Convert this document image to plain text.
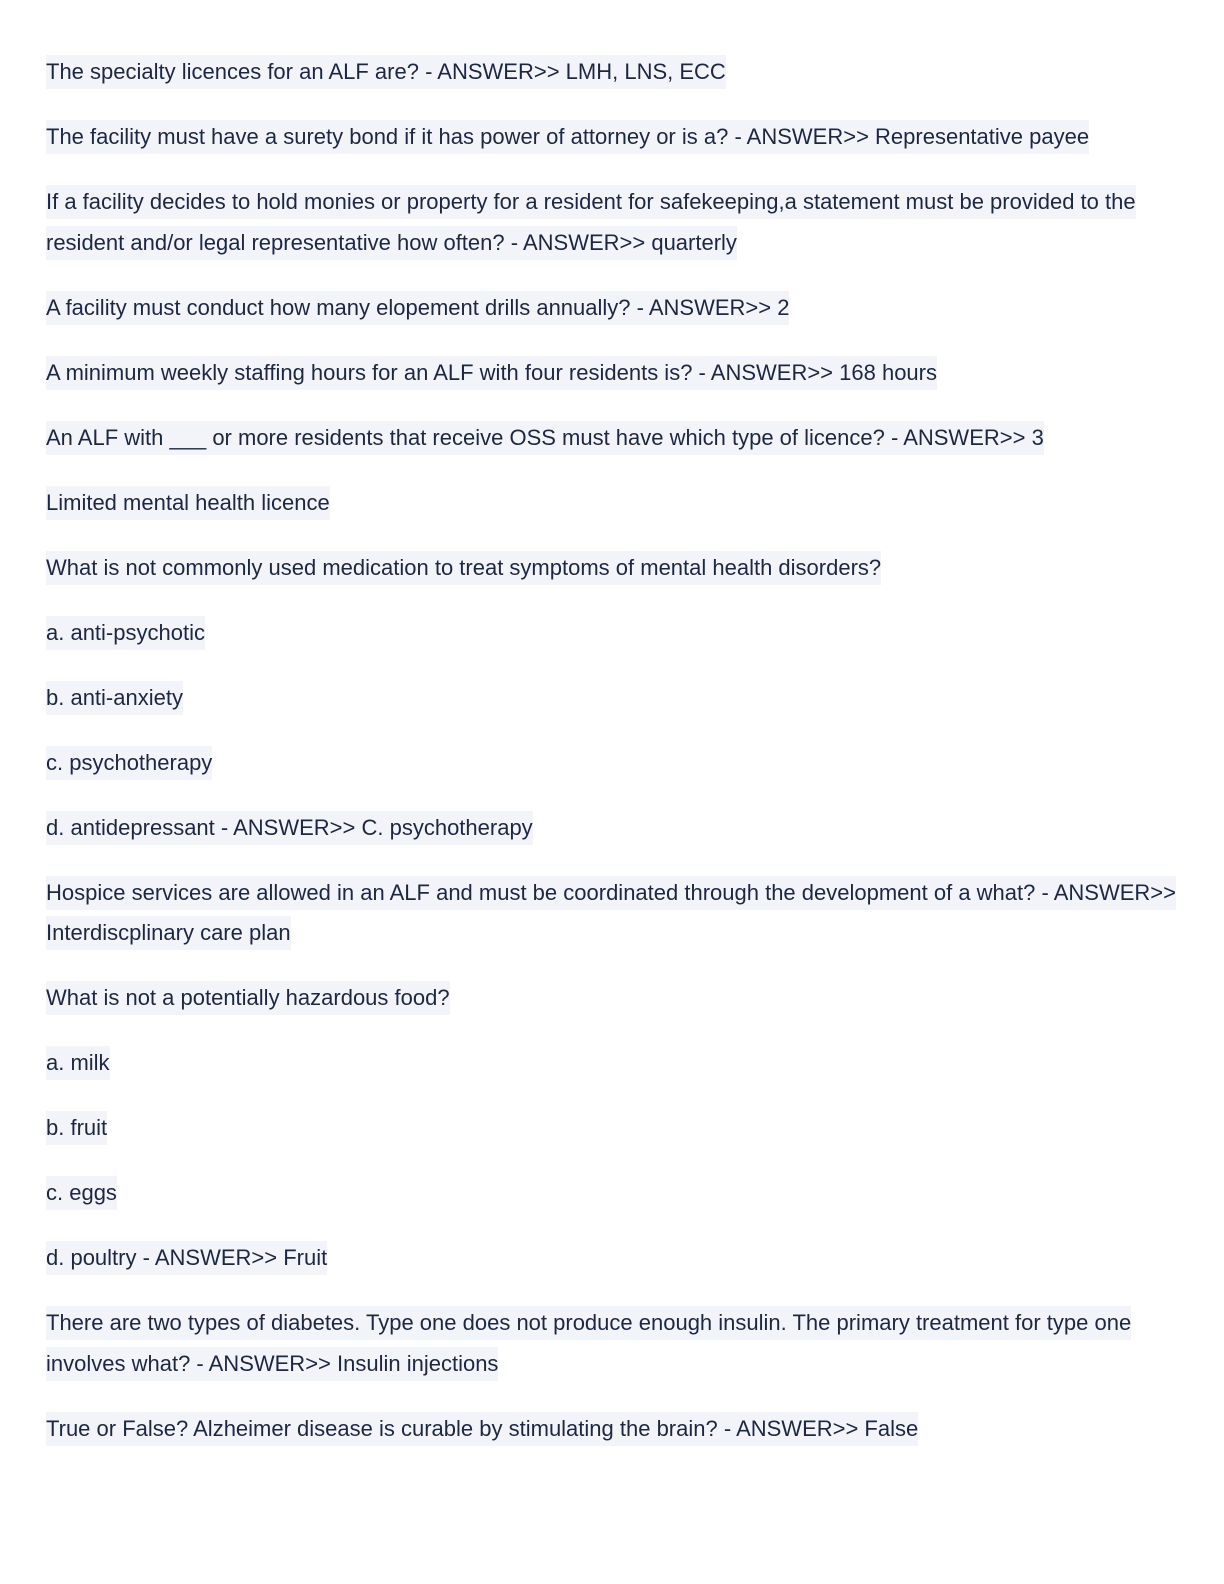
The specialty licences for an ALF are? - ANSWER>> LMH, LNS, ECC

The facility must have a surety bond if it has power of attorney or is a? - ANSWER>> Representative payee

If a facility decides to hold monies or property for a resident for safekeeping,a statement must be provided to the resident and/or legal representative how often? - ANSWER>> quarterly

A facility must conduct how many elopement drills annually? - ANSWER>> 2

A minimum weekly staffing hours for an ALF with four residents is? - ANSWER>> 168 hours

An ALF with ___ or more residents that receive OSS must have which type of licence? - ANSWER>> 3

Limited mental health licence

What is not commonly used medication to treat symptoms of mental health disorders?

a. anti-psychotic

b. anti-anxiety

c. psychotherapy

d. antidepressant - ANSWER>> C. psychotherapy

Hospice services are allowed in an ALF and must be coordinated through the development of a what? - ANSWER>> Interdiscplinary care plan

What is not a potentially hazardous food?

a. milk

b. fruit

c. eggs

d. poultry - ANSWER>> Fruit

There are two types of diabetes. Type one does not produce enough insulin. The primary treatment for type one involves what? - ANSWER>> Insulin injections

True or False? Alzheimer disease is curable by stimulating the brain? - ANSWER>> False
